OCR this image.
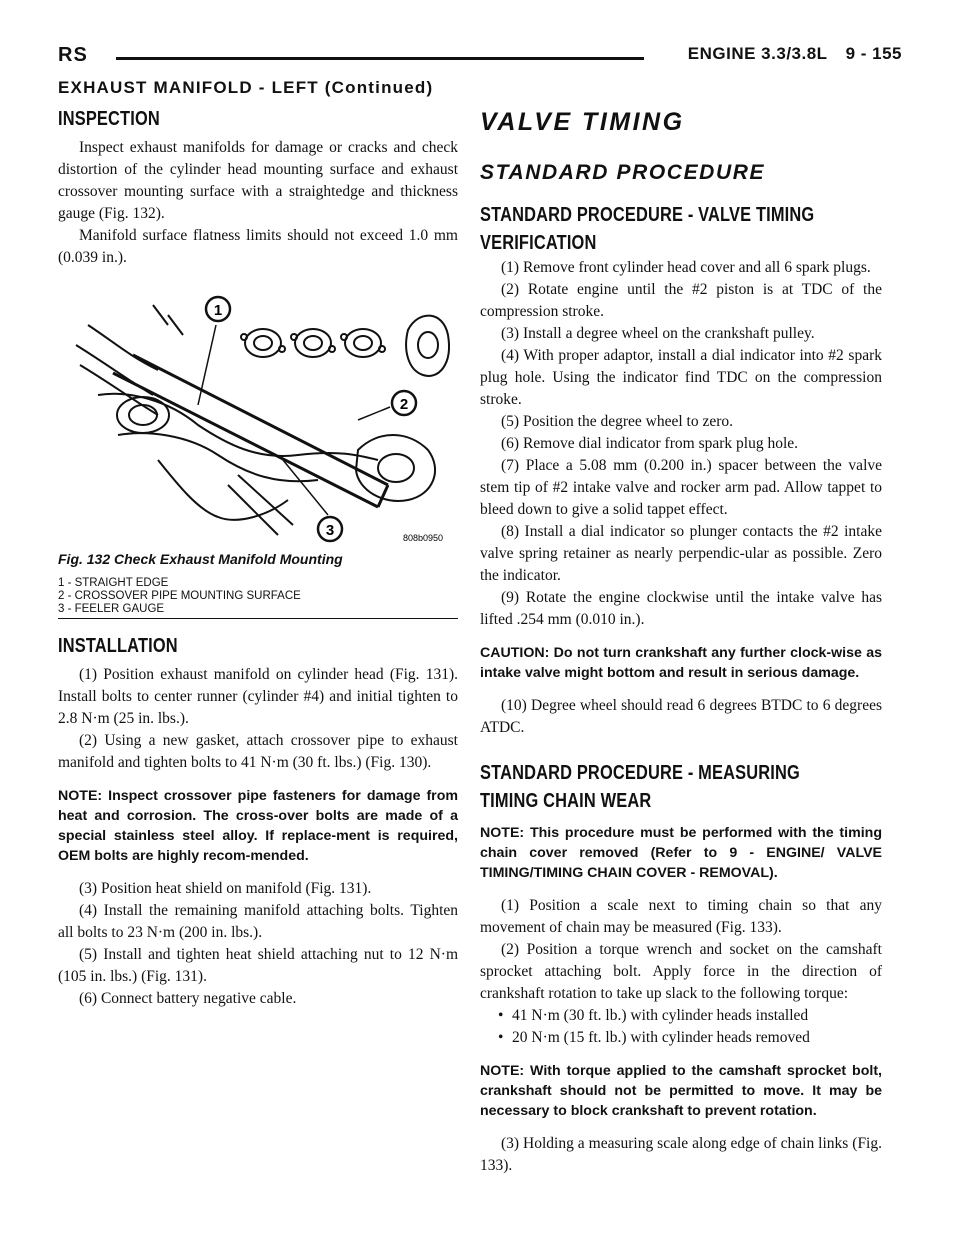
RS	ENGINE 3.3/3.8L 9 - 155
EXHAUST MANIFOLD - LEFT (Continued)
INSPECTION

Inspect exhaust manifolds for damage or cracks and check distortion of the cylinder head mounting surface and exhaust crossover mounting surface with a straightedge and thickness gauge (Fig. 132).

Manifold surface flatness limits should not exceed 1.0 mm (0.039 in.).

1
2
3	808b0950
Fig. 132 Check Exhaust Manifold Mounting
1 - STRAIGHT EDGE
2 - CROSSOVER PIPE MOUNTING SURFACE
3 - FEELER GAUGE
INSTALLATION

(1) Position exhaust manifold on cylinder head (Fig. 131). Install bolts to center runner (cylinder #4) and initial tighten to 2.8 N·m (25 in. lbs.).

(2) Using a new gasket, attach crossover pipe to exhaust manifold and tighten bolts to 41 N·m (30 ft. lbs.) (Fig. 130).

NOTE: Inspect crossover pipe fasteners for damage from heat and corrosion. The cross-over bolts are made of a special stainless steel alloy. If replace-ment is required, OEM bolts are highly recom-mended.

(3) Position heat shield on manifold (Fig. 131).

(4) Install the remaining manifold attaching bolts. Tighten all bolts to 23 N·m (200 in. lbs.).

(5) Install and tighten heat shield attaching nut to 12 N·m (105 in. lbs.) (Fig. 131).

(6) Connect battery negative cable.

VALVE TIMING
STANDARD PROCEDURE
STANDARD PROCEDURE - VALVE TIMING
VERIFICATION

(1) Remove front cylinder head cover and all 6 spark plugs.

(2) Rotate engine until the #2 piston is at TDC of the compression stroke.

(3) Install a degree wheel on the crankshaft pulley.

(4) With proper adaptor, install a dial indicator into #2 spark plug hole. Using the indicator find TDC on the compression stroke.

(5) Position the degree wheel to zero.

(6) Remove dial indicator from spark plug hole.

(7) Place a 5.08 mm (0.200 in.) spacer between the valve stem tip of #2 intake valve and rocker arm pad. Allow tappet to bleed down to give a solid tappet effect.

(8) Install a dial indicator so plunger contacts the #2 intake valve spring retainer as nearly perpendic-ular as possible. Zero the indicator.

(9) Rotate the engine clockwise until the intake valve has lifted .254 mm (0.010 in.).

CAUTION: Do not turn crankshaft any further clock-wise as intake valve might bottom and result in serious damage.

(10) Degree wheel should read 6 degrees BTDC to 6 degrees ATDC.

STANDARD PROCEDURE - MEASURING
TIMING CHAIN WEAR

NOTE: This procedure must be performed with the timing chain cover removed (Refer to 9 - ENGINE/ VALVE TIMING/TIMING CHAIN COVER - REMOVAL).

(1) Position a scale next to timing chain so that any movement of chain may be measured (Fig. 133).

(2) Position a torque wrench and socket on the camshaft sprocket attaching bolt. Apply force in the direction of crankshaft rotation to take up slack to the following torque:

• 41 N·m (30 ft. lb.) with cylinder heads installed
• 20 N·m (15 ft. lb.) with cylinder heads removed

NOTE: With torque applied to the camshaft sprocket bolt, crankshaft should not be permitted to move. It may be necessary to block crankshaft to prevent rotation.

(3) Holding a measuring scale along edge of chain links (Fig. 133).
